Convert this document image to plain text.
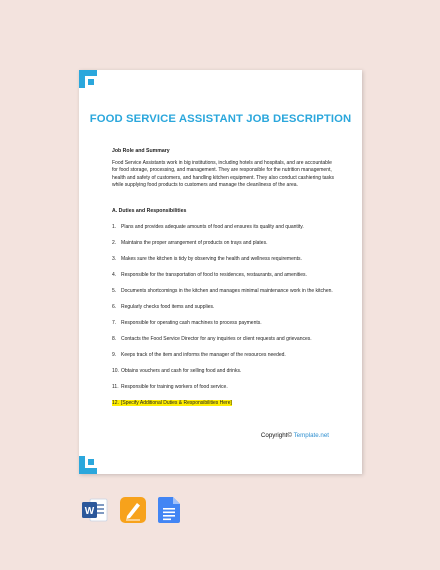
FOOD SERVICE ASSISTANT JOB DESCRIPTION
Job Role and Summary
Food Service Assistants work in big institutions, including hotels and hospitals, and are accountable for food storage, processing, and management. They are responsible for the nutrition management, health and safety of customers, and handling kitchen equipment. They also conduct cashiering tasks while supplying food products to customers and manage the cleanliness of the area.
A. Duties and Responsibilities
1. Plans and provides adequate amounts of food and ensures its quality and quantity.
2. Maintains the proper arrangement of products on trays and plates.
3. Makes sure the kitchen is tidy by observing the health and wellness requirements.
4. Responsible for the transportation of food to residences, restaurants, and amenities.
5. Documents shortcomings in the kitchen and manages minimal maintenance work in the kitchen.
6. Regularly checks food items and supplies.
7. Responsible for operating cash machines to process payments.
8. Contacts the Food Service Director for any inquiries or client requests and grievances.
9. Keeps track of the item and informs the manager of the resources needed.
10. Obtains vouchers and cash for selling food and drinks.
11. Responsible for training workers of food service.
12. [Specify Additional Duties & Responsibilities Here]
Copyright© Template.net
W
